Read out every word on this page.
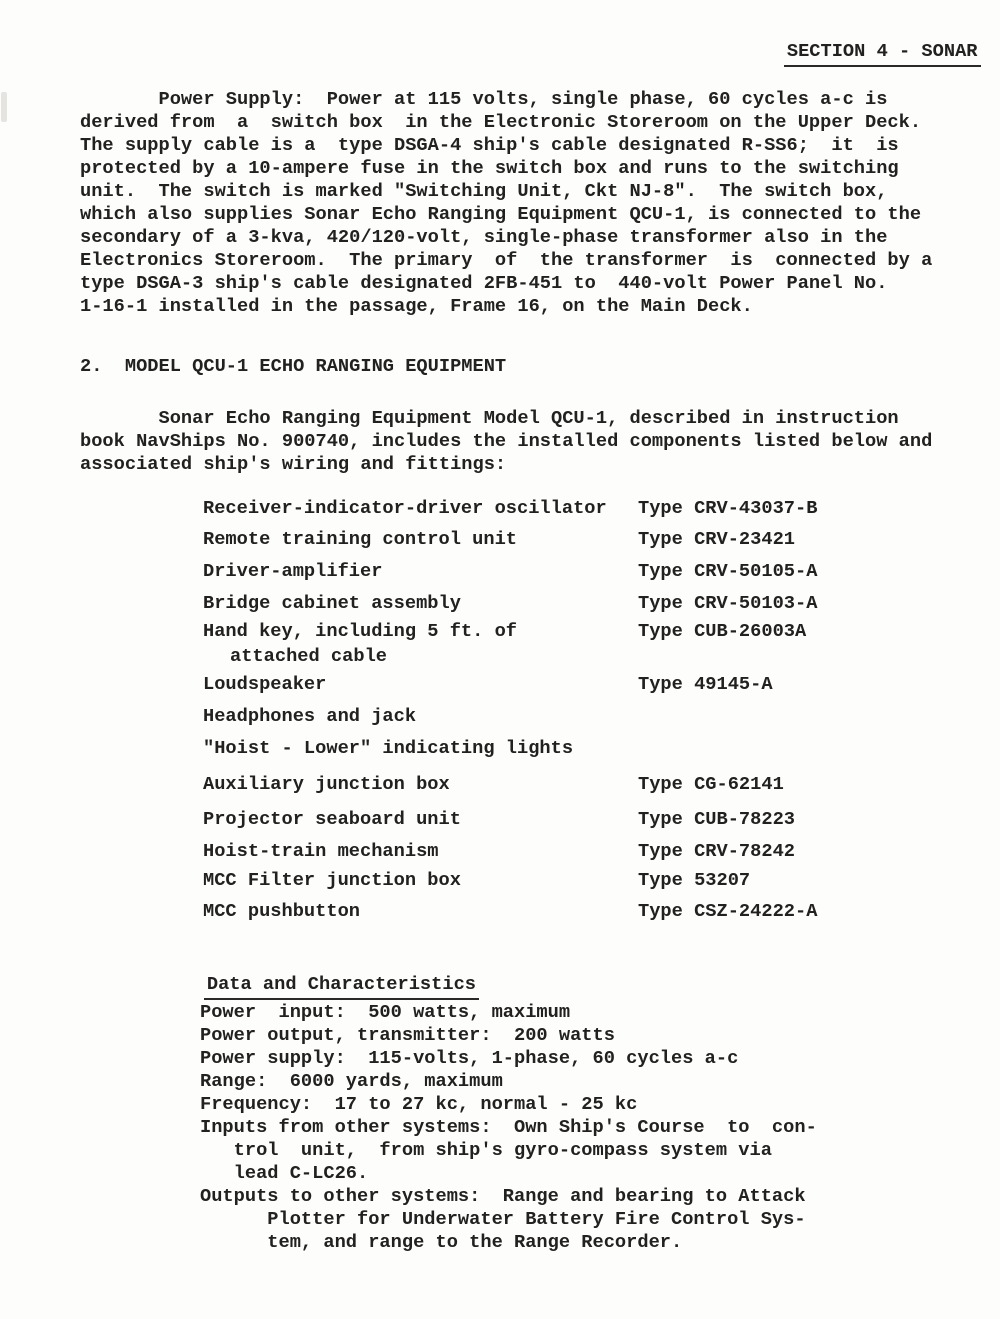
SECTION 4 - SONAR

Power Supply:  Power at 115 volts, single phase, 60 cycles a-c is
derived from  a  switch box  in the Electronic Storeroom on the Upper Deck.
The supply cable is a  type DSGA-4 ship's cable designated R-SS6;  it  is
protected by a 10-ampere fuse in the switch box and runs to the switching
unit.  The switch is marked "Switching Unit, Ckt NJ-8".  The switch box,
which also supplies Sonar Echo Ranging Equipment QCU-1, is connected to the
secondary of a 3-kva, 420/120-volt, single-phase transformer also in the
Electronics Storeroom.  The primary  of  the transformer  is  connected by a
type DSGA-3 ship's cable designated 2FB-451 to  440-volt Power Panel No.
1-16-1 installed in the passage, Frame 16, on the Main Deck.
2.  MODEL QCU-1 ECHO RANGING EQUIPMENT
Sonar Echo Ranging Equipment Model QCU-1, described in instruction
book NavShips No. 900740, includes the installed components listed below and
associated ship's wiring and fittings:
Receiver-indicator-driver oscillator Type CRV-43037-B
Remote training control unit	Type CRV-23421
Driver-amplifier	Type CRV-50105-A
Bridge cabinet assembly	Type CRV-50103-A
Hand key, including 5 ft. of
attached cable
Type CUB-26003A
Loudspeaker	Type 49145-A
Headphones and jack
"Hoist - Lower" indicating lights
Auxiliary junction box	Type CG-62141
Projector seaboard unit	Type CUB-78223
Hoist-train mechanism	Type CRV-78242
MCC Filter junction box	Type 53207
MCC pushbutton	Type CSZ-24222-A

Data and Characteristics

Power  input:  500 watts, maximum
Power output, transmitter:  200 watts
Power supply:  115-volts, 1-phase, 60 cycles a-c
Range:  6000 yards, maximum
Frequency:  17 to 27 kc, normal - 25 kc
Inputs from other systems:  Own Ship's Course  to  con-
trol  unit,  from ship's gyro-compass system via
lead C-LC26.
Outputs to other systems:  Range and bearing to Attack
Plotter for Underwater Battery Fire Control Sys-
tem, and range to the Range Recorder.
